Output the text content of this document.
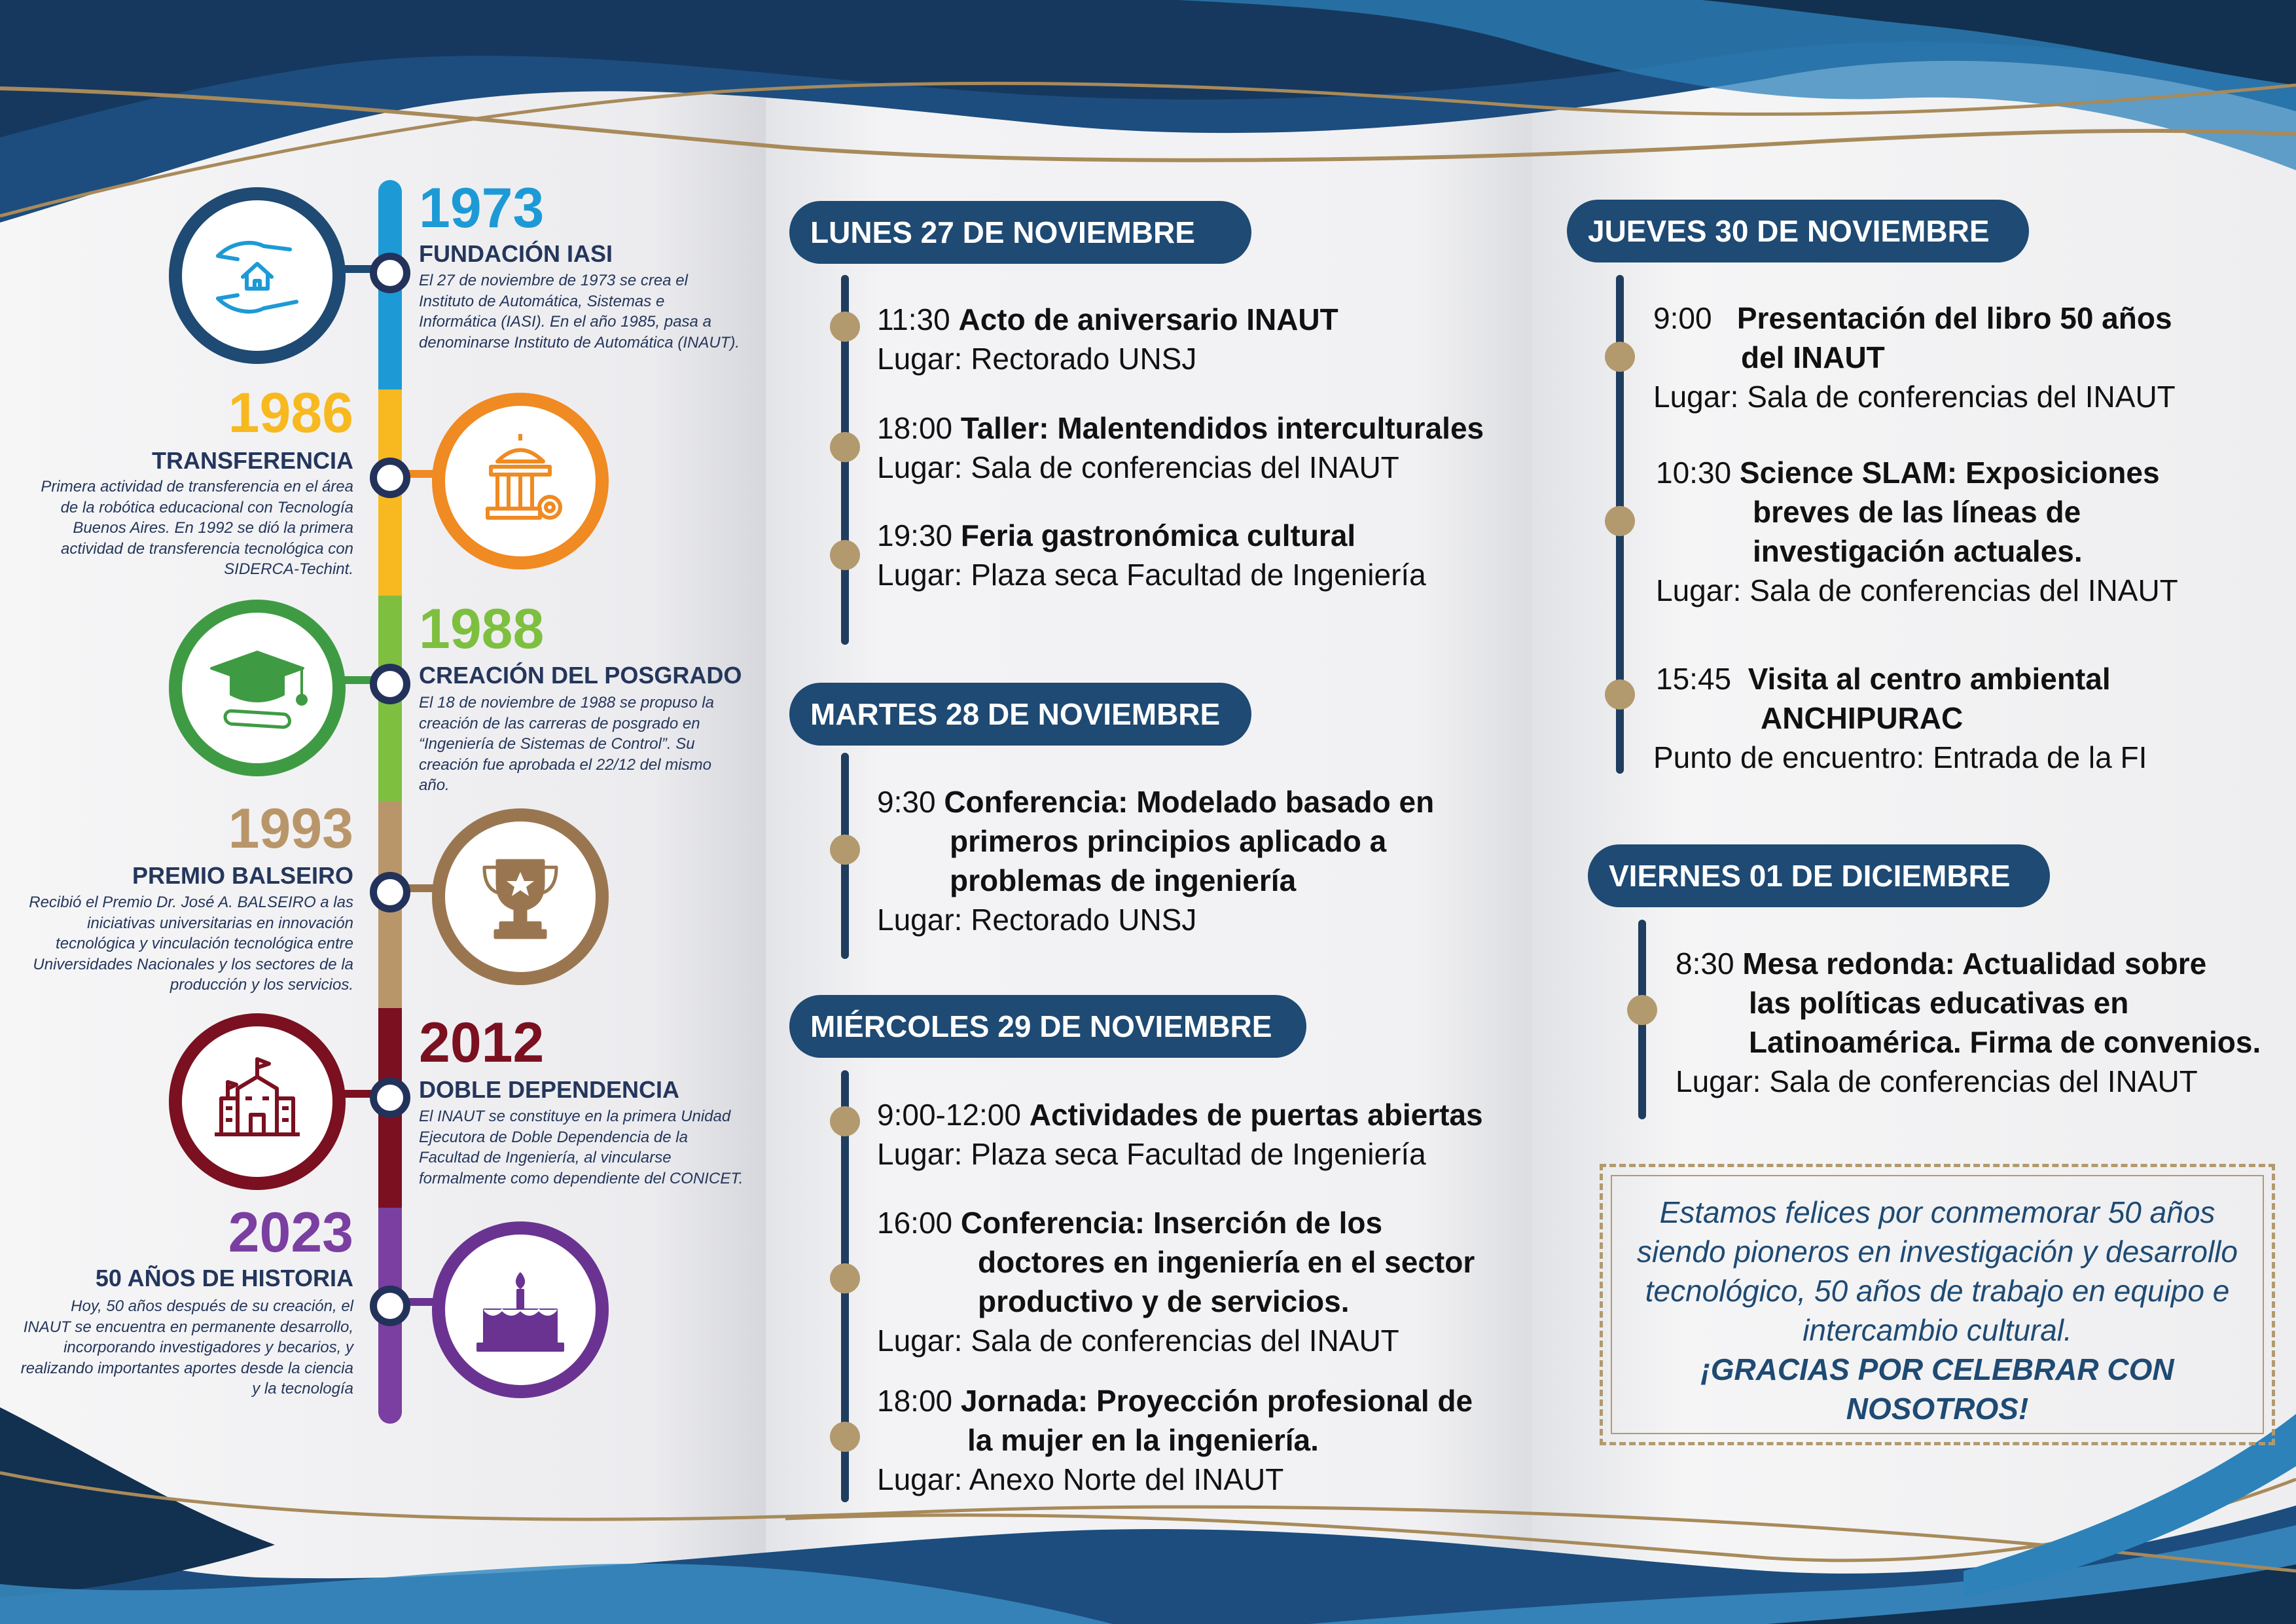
1973
FUNDACIÓN IASI
El 27 de noviembre de 1973 se crea el Instituto de Automática, Sistemas e Informática (IASI). En el año 1985, pasa a denominarse Instituto de Automática (INAUT).
1986
TRANSFERENCIA
Primera actividad de transferencia en el área de la robótica educacional con Tecnología Buenos Aires. En 1992 se dió la primera actividad de transferencia tecnológica con SIDERCA-Techint.
1988
CREACIÓN DEL POSGRADO
El 18 de noviembre de 1988 se propuso la creación de las carreras de posgrado en “Ingeniería de Sistemas de Control”. Su creación fue aprobada el 22/12 del mismo año.
1993
PREMIO BALSEIRO
Recibió el Premio Dr. José A. BALSEIRO a las iniciativas universitarias en innovación tecnológica y vinculación tecnológica entre Universidades Nacionales y los sectores de la producción y los servicios.
2012
DOBLE DEPENDENCIA
El INAUT se constituye en la primera Unidad Ejecutora de Doble Dependencia de la Facultad de Ingeniería, al vincularse formalmente como dependiente del CONICET.
2023
50 AÑOS DE HISTORIA
Hoy, 50 años después de su creación, el INAUT se encuentra en permanente desarrollo, incorporando investigadores y becarios, y realizando importantes aportes desde la ciencia y la tecnología
LUNES 27 DE NOVIEMBRE
11:30 Acto de aniversario INAUT
Lugar: Rectorado UNSJ
18:00 Taller: Malentendidos interculturales
Lugar: Sala de conferencias del INAUT
19:30 Feria gastronómica cultural
Lugar: Plaza seca Facultad de Ingeniería
MARTES 28 DE NOVIEMBRE
9:30 Conferencia: Modelado basado en
primeros principios aplicado a
problemas de ingeniería
Lugar: Rectorado UNSJ
MIÉRCOLES 29 DE NOVIEMBRE
9:00-12:00 Actividades de puertas abiertas
Lugar: Plaza seca Facultad de Ingeniería
16:00 Conferencia: Inserción de los
doctores en ingeniería en el sector
productivo y de servicios.
Lugar: Sala de conferencias del INAUT
18:00 Jornada: Proyección profesional de
la mujer en la ingeniería.
Lugar: Anexo Norte del INAUT
JUEVES 30 DE NOVIEMBRE
9:00 Presentación del libro 50 años
del INAUT
Lugar: Sala de conferencias del INAUT
10:30 Science SLAM: Exposiciones
breves de las líneas de
investigación actuales.
Lugar: Sala de conferencias del INAUT
15:45 Visita al centro ambiental
ANCHIPURAC
Punto de encuentro: Entrada de la FI
VIERNES 01 DE DICIEMBRE
8:30 Mesa redonda: Actualidad sobre
las políticas educativas en
Latinoamérica. Firma de convenios.
Lugar: Sala de conferencias del INAUT
Estamos felices por conmemorar 50 años siendo pioneros en investigación y desarrollo tecnológico, 50 años de trabajo en equipo e intercambio cultural.
¡GRACIAS POR CELEBRAR CON NOSOTROS!
